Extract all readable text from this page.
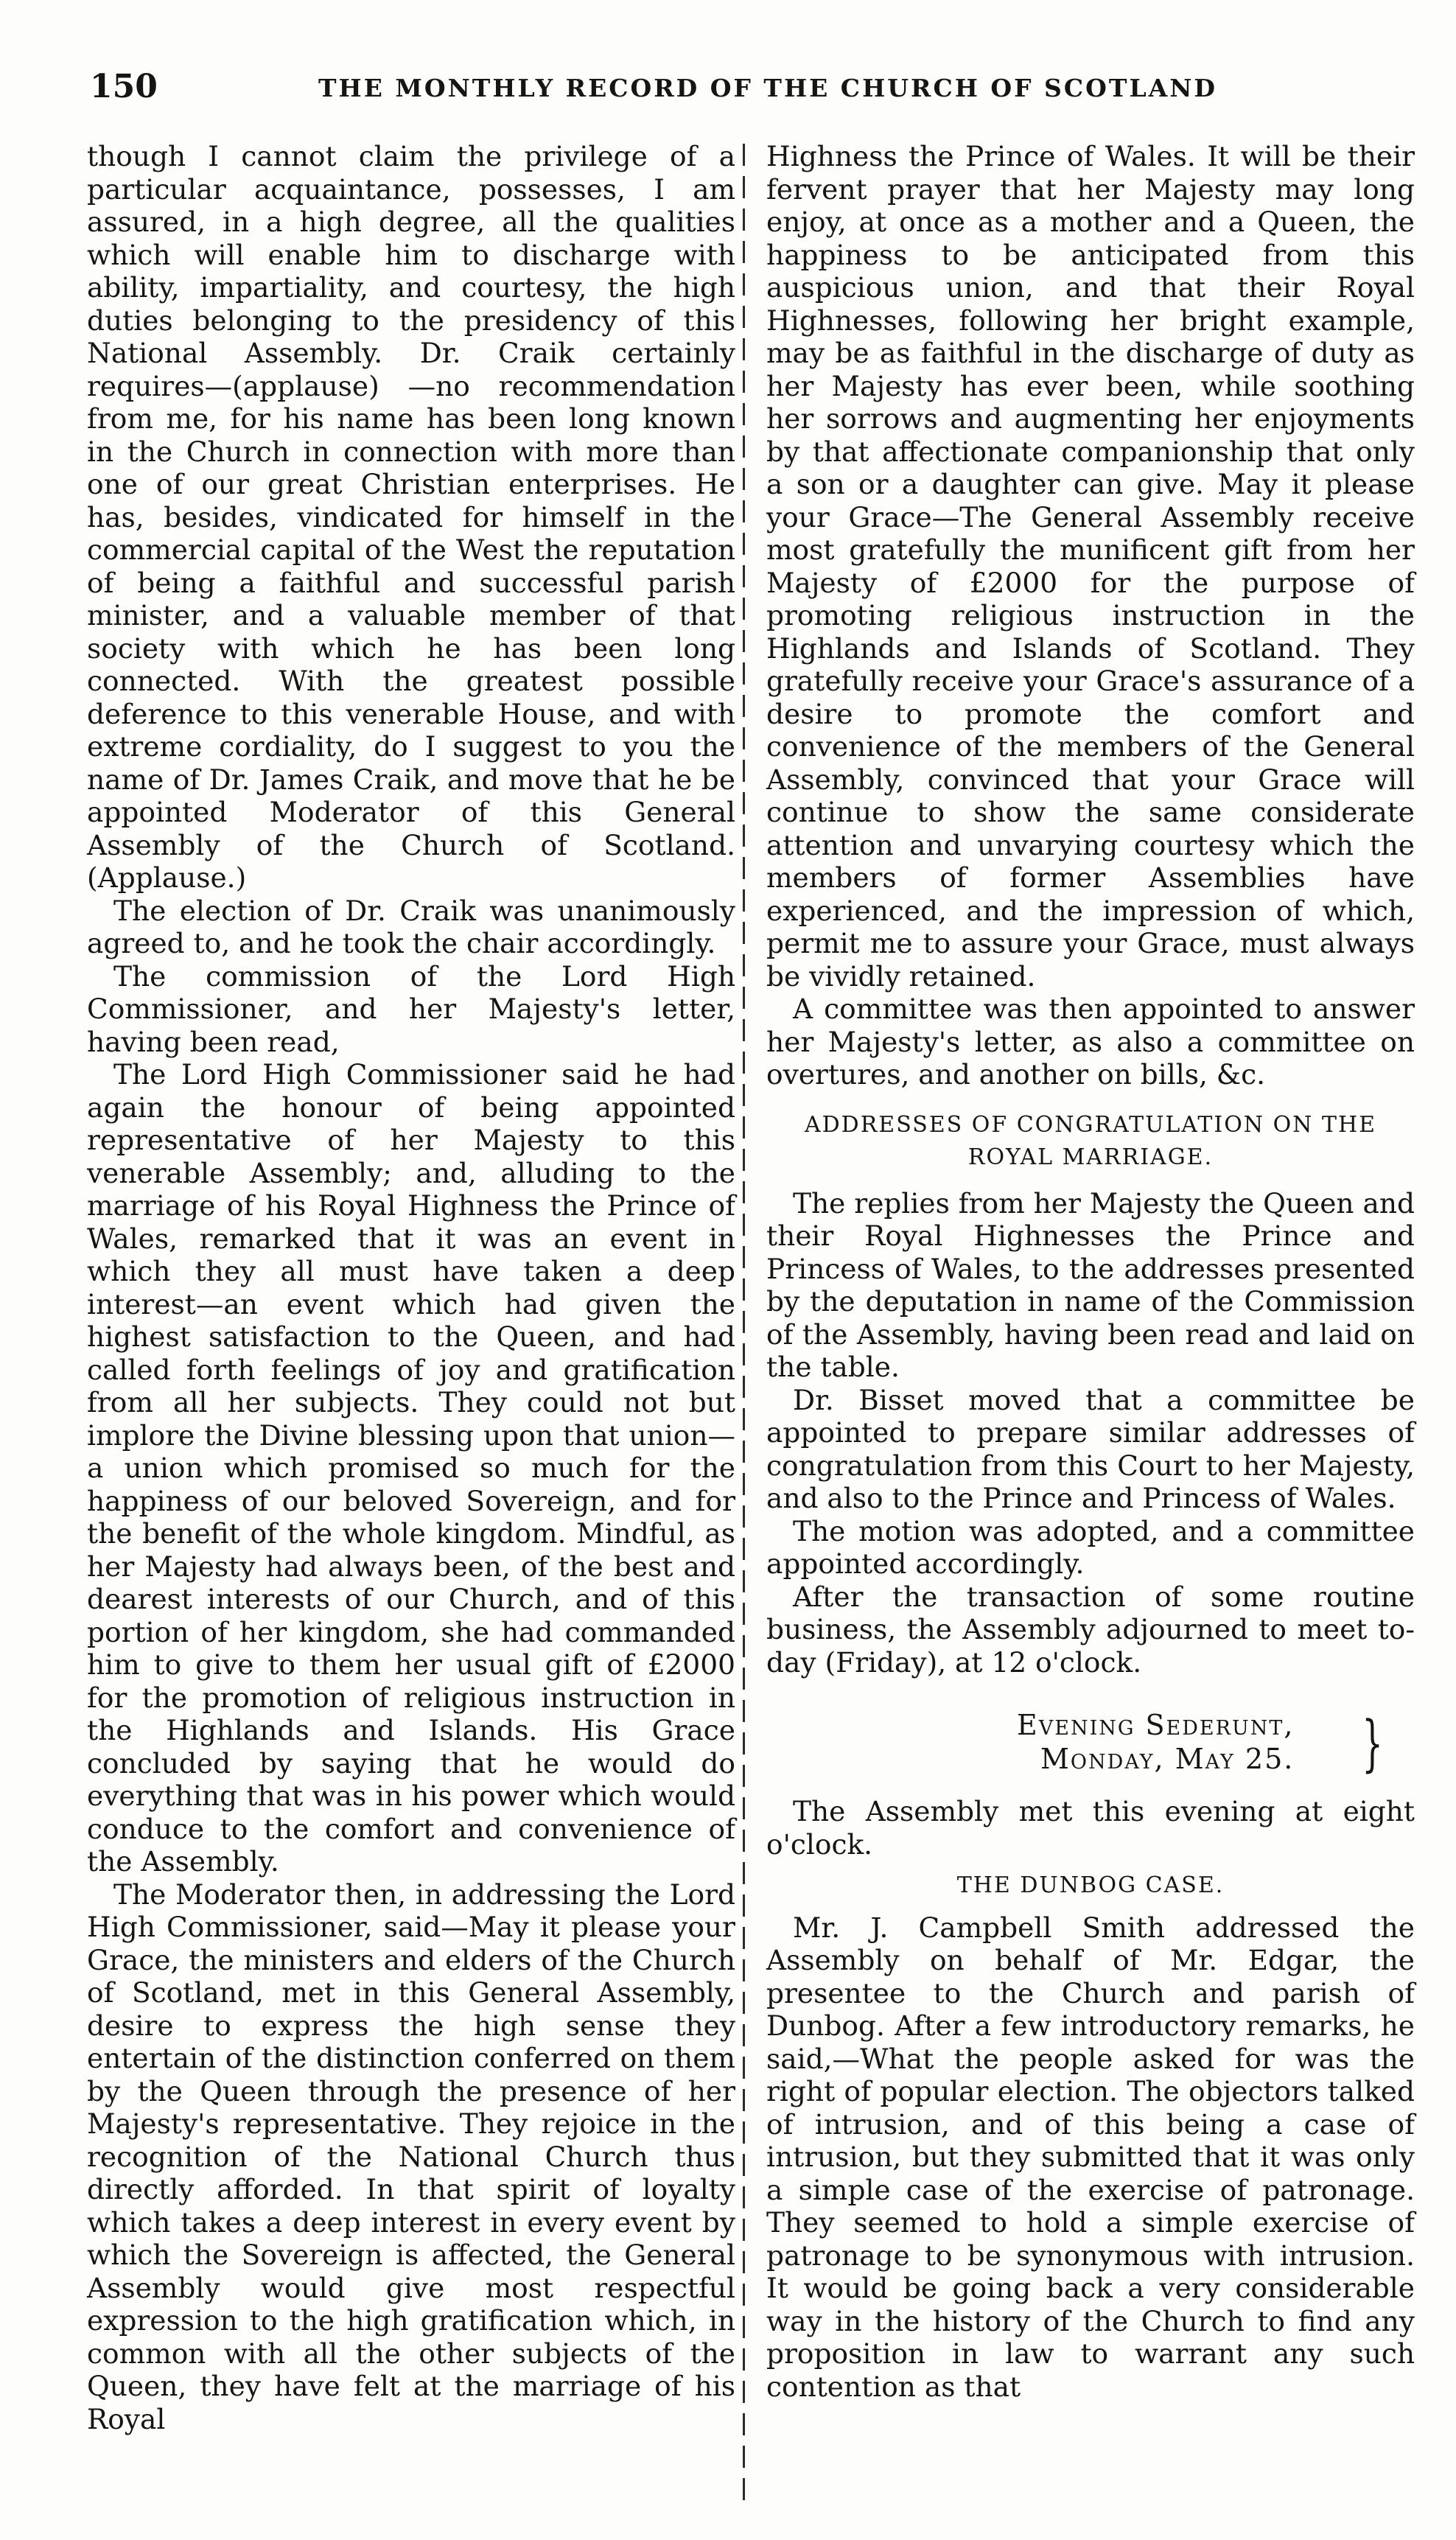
150	THE MONTHLY RECORD OF THE CHURCH OF SCOTLAND

though I cannot claim the privilege of a particular acquaintance, possesses, I am assured, in a high degree, all the qualities which will enable him to discharge with ability, impartiality, and courtesy, the high duties belonging to the presidency of this National Assembly. Dr. Craik certainly requires—(applause) —no recommendation from me, for his name has been long known in the Church in connection with more than one of our great Christian enterprises. He has, besides, vindicated for himself in the commercial capital of the West the reputation of being a faithful and successful parish minister, and a valuable member of that society with which he has been long connected. With the greatest possible deference to this venerable House, and with extreme cordiality, do I suggest to you the name of Dr. James Craik, and move that he be appointed Moderator of this General Assembly of the Church of Scotland. (Applause.)

The election of Dr. Craik was unanimously agreed to, and he took the chair accordingly.

The commission of the Lord High Commissioner, and her Majesty's letter, having been read,

The Lord High Commissioner said he had again the honour of being appointed representative of her Majesty to this venerable Assembly; and, alluding to the marriage of his Royal Highness the Prince of Wales, remarked that it was an event in which they all must have taken a deep interest—an event which had given the highest satisfaction to the Queen, and had called forth feelings of joy and gratification from all her subjects. They could not but implore the Divine blessing upon that union—a union which promised so much for the happiness of our beloved Sovereign, and for the benefit of the whole kingdom. Mindful, as her Majesty had always been, of the best and dearest interests of our Church, and of this portion of her kingdom, she had commanded him to give to them her usual gift of £2000 for the promotion of religious instruction in the Highlands and Islands. His Grace concluded by saying that he would do everything that was in his power which would conduce to the comfort and convenience of the Assembly.

The Moderator then, in addressing the Lord High Commissioner, said—May it please your Grace, the ministers and elders of the Church of Scotland, met in this General Assembly, desire to express the high sense they entertain of the distinction conferred on them by the Queen through the presence of her Majesty's representative. They rejoice in the recognition of the National Church thus directly afforded. In that spirit of loyalty which takes a deep interest in every event by which the Sovereign is affected, the General Assembly would give most respectful expression to the high gratification which, in common with all the other subjects of the Queen, they have felt at the marriage of his Royal

Highness the Prince of Wales. It will be their fervent prayer that her Majesty may long enjoy, at once as a mother and a Queen, the happiness to be anticipated from this auspicious union, and that their Royal Highnesses, following her bright example, may be as faithful in the discharge of duty as her Majesty has ever been, while soothing her sorrows and augmenting her enjoyments by that affectionate companionship that only a son or a daughter can give. May it please your Grace—The General Assembly receive most gratefully the munificent gift from her Majesty of £2000 for the purpose of promoting religious instruction in the Highlands and Islands of Scotland. They gratefully receive your Grace's assurance of a desire to promote the comfort and convenience of the members of the General Assembly, convinced that your Grace will continue to show the same considerate attention and unvarying courtesy which the members of former Assemblies have experienced, and the impression of which, permit me to assure your Grace, must always be vividly retained.

A committee was then appointed to answer her Majesty's letter, as also a committee on overtures, and another on bills, &c.

ADDRESSES OF CONGRATULATION ON THE ROYAL MARRIAGE.

The replies from her Majesty the Queen and their Royal Highnesses the Prince and Princess of Wales, to the addresses presented by the deputation in name of the Commission of the Assembly, having been read and laid on the table.

Dr. Bisset moved that a committee be appointed to prepare similar addresses of congratulation from this Court to her Majesty, and also to the Prince and Princess of Wales.

The motion was adopted, and a committee appointed accordingly.

After the transaction of some routine business, the Assembly adjourned to meet to-day (Friday), at 12 o'clock.

Evening Sederunt,
Monday, May 25.	}

The Assembly met this evening at eight o'clock.

THE DUNBOG CASE.

Mr. J. Campbell Smith addressed the Assembly on behalf of Mr. Edgar, the presentee to the Church and parish of Dunbog. After a few introductory remarks, he said,—What the people asked for was the right of popular election. The objectors talked of intrusion, and of this being a case of intrusion, but they submitted that it was only a simple case of the exercise of patronage. They seemed to hold a simple exercise of patronage to be synonymous with intrusion. It would be going back a very considerable way in the history of the Church to find any proposition in law to warrant any such contention as that
